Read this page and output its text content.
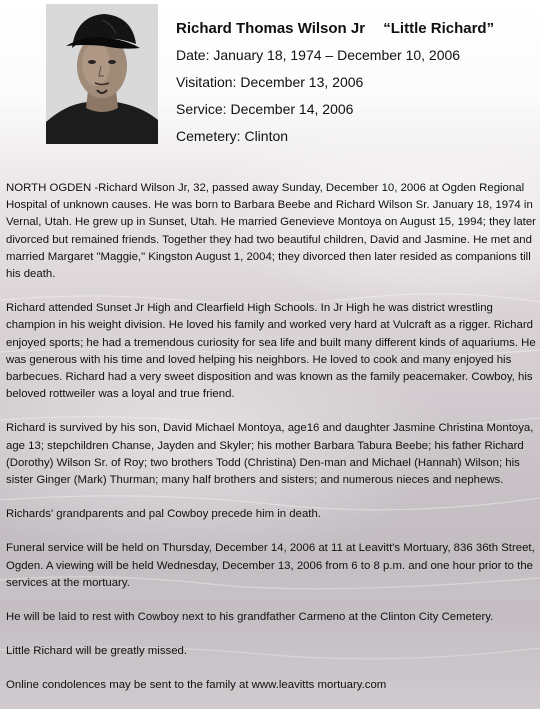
Richard Thomas Wilson Jr “Little Richard”
Date: January 18, 1974 – December 10, 2006
Visitation: December 13, 2006
Service: December 14, 2006
Cemetery: Clinton

NORTH OGDEN -Richard Wilson Jr, 32, passed away Sunday, December 10, 2006 at Ogden Regional Hospital of unknown causes. He was born to Barbara Beebe and Richard Wilson Sr. January 18, 1974 in Vernal, Utah. He grew up in Sunset, Utah. He married Genevieve Montoya on August 15, 1994; they later divorced but remained friends. Together they had two beautiful children, David and Jasmine. He met and married Margaret "Maggie," Kingston August 1, 2004; they divorced then later resided as companions till his death.

Richard attended Sunset Jr High and Clearfield High Schools. In Jr High he was district wrestling champion in his weight division. He loved his family and worked very hard at Vulcraft as a rigger. Richard enjoyed sports; he had a tremendous curiosity for sea life and built many different kinds of aquariums. He was generous with his time and loved helping his neighbors. He loved to cook and many enjoyed his barbecues. Richard had a very sweet disposition and was known as the family peacemaker. Cowboy, his beloved rottweiler was a loyal and true friend.

Richard is survived by his son, David Michael Montoya, age16 and daughter Jasmine Christina Montoya, age 13; stepchildren Chanse, Jayden and Skyler; his mother Barbara Tabura Beebe; his father Richard (Dorothy) Wilson Sr. of Roy; two brothers Todd (Christina) Den-man and Michael (Hannah) Wilson; his sister Ginger (Mark) Thurman; many half brothers and sisters; and numerous nieces and nephews.

Richards' grandparents and pal Cowboy precede him in death.

Funeral service will be held on Thursday, December 14, 2006 at 11 at Leavitt's Mortuary, 836 36th Street, Ogden. A viewing will be held Wednesday, December 13, 2006 from 6 to 8 p.m. and one hour prior to the services at the mortuary.

He will be laid to rest with Cowboy next to his grandfather Carmeno at the Clinton City Cemetery.

Little Richard will be greatly missed.

Online condolences may be sent to the family at www.leavitts mortuary.com
